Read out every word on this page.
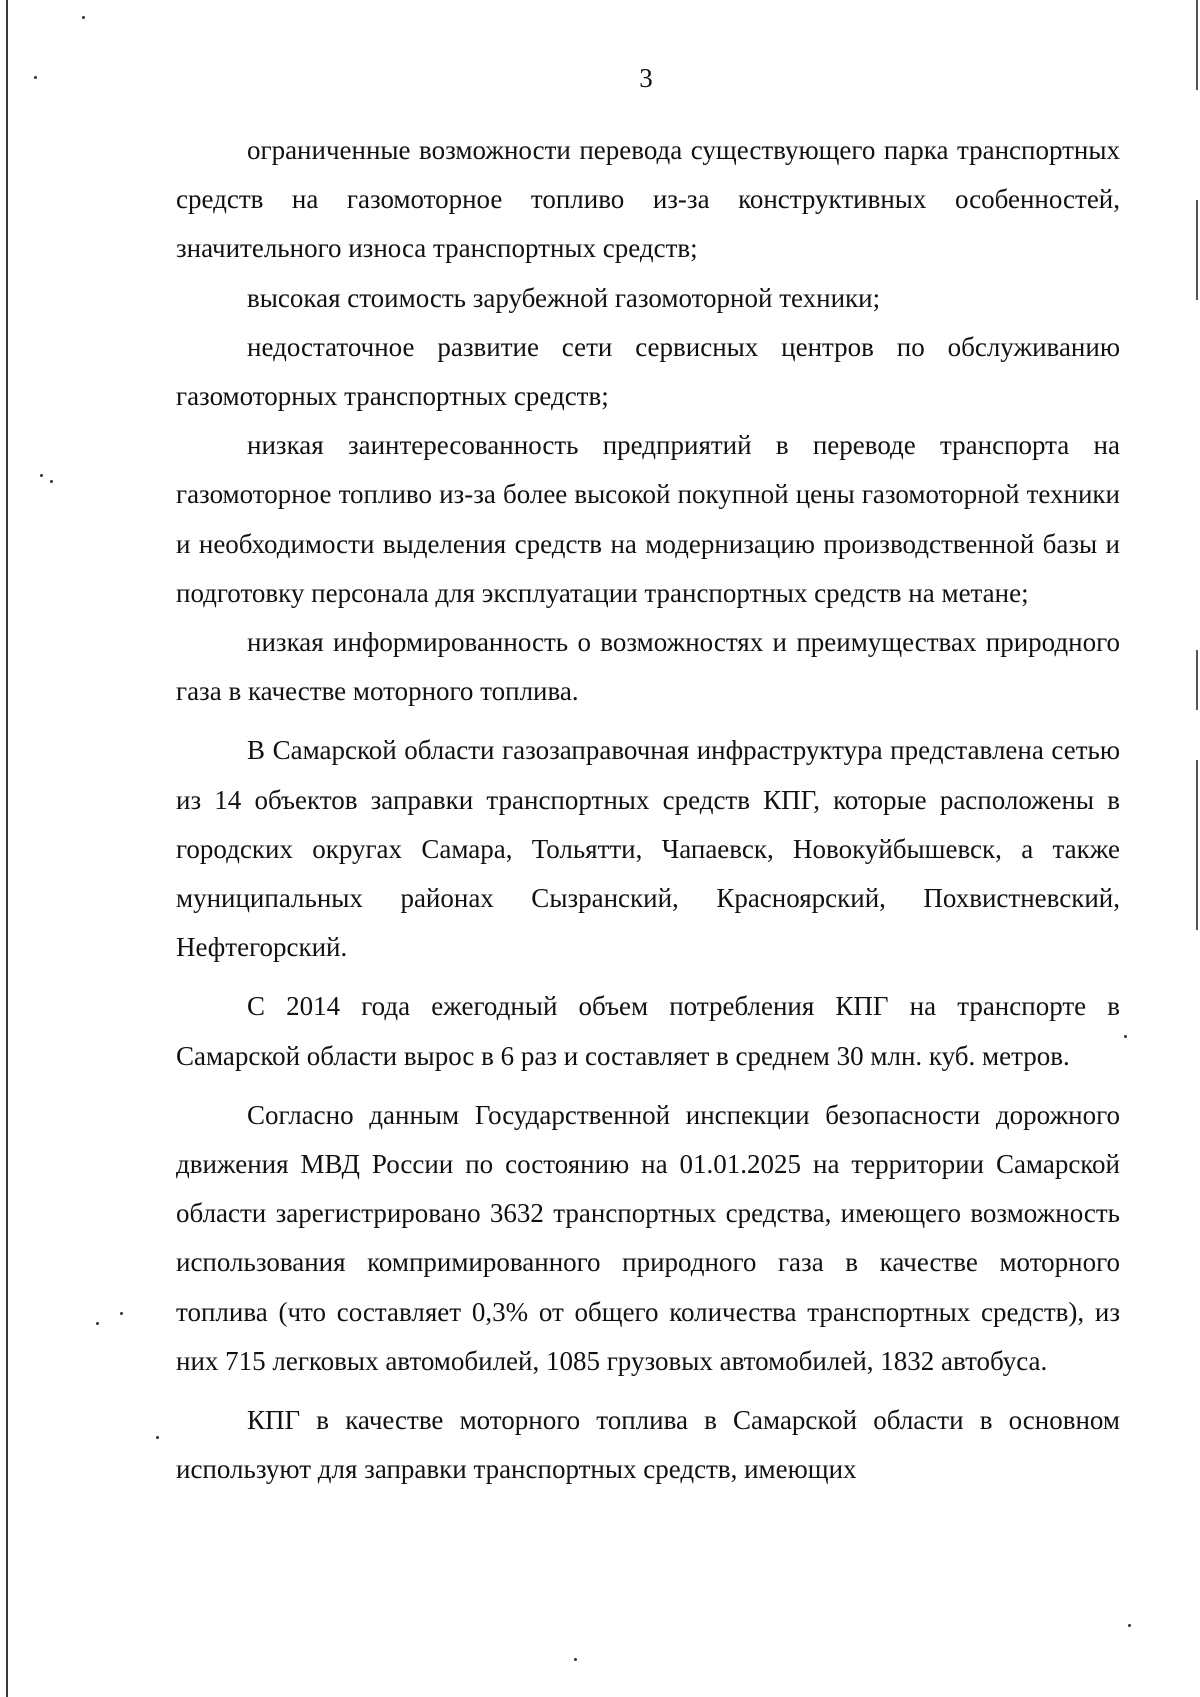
3

ограниченные возможности перевода существующего парка транспортных средств на газомоторное топливо из-за конструктивных особенностей, значительного износа транспортных средств;

высокая стоимость зарубежной газомоторной техники;

недостаточное развитие сети сервисных центров по обслуживанию газомоторных транспортных средств;

низкая заинтересованность предприятий в переводе транспорта на газомоторное топливо из-за более высокой покупной цены газомоторной техники и необходимости выделения средств на модернизацию производственной базы и подготовку персонала для эксплуатации транспортных средств на метане;

низкая информированность о возможностях и преимуществах природного газа в качестве моторного топлива.

В Самарской области газозаправочная инфраструктура представлена сетью из 14 объектов заправки транспортных средств КПГ, которые расположены в городских округах Самара, Тольятти, Чапаевск, Новокуйбышевск, а также муниципальных районах Сызранский, Красноярский, Похвистневский, Нефтегорский.

С 2014 года ежегодный объем потребления КПГ на транспорте в Самарской области вырос в 6 раз и составляет в среднем 30 млн. куб. метров.

Согласно данным Государственной инспекции безопасности дорожного движения МВД России по состоянию на 01.01.2025 на территории Самарской области зарегистрировано 3632 транспортных средства, имеющего возможность использования компримированного природного газа в качестве моторного топлива (что составляет 0,3% от общего количества транспортных средств), из них 715 легковых автомобилей, 1085 грузовых автомобилей, 1832 автобуса.

КПГ в качестве моторного топлива в Самарской области в основном используют для заправки транспортных средств, имеющих
